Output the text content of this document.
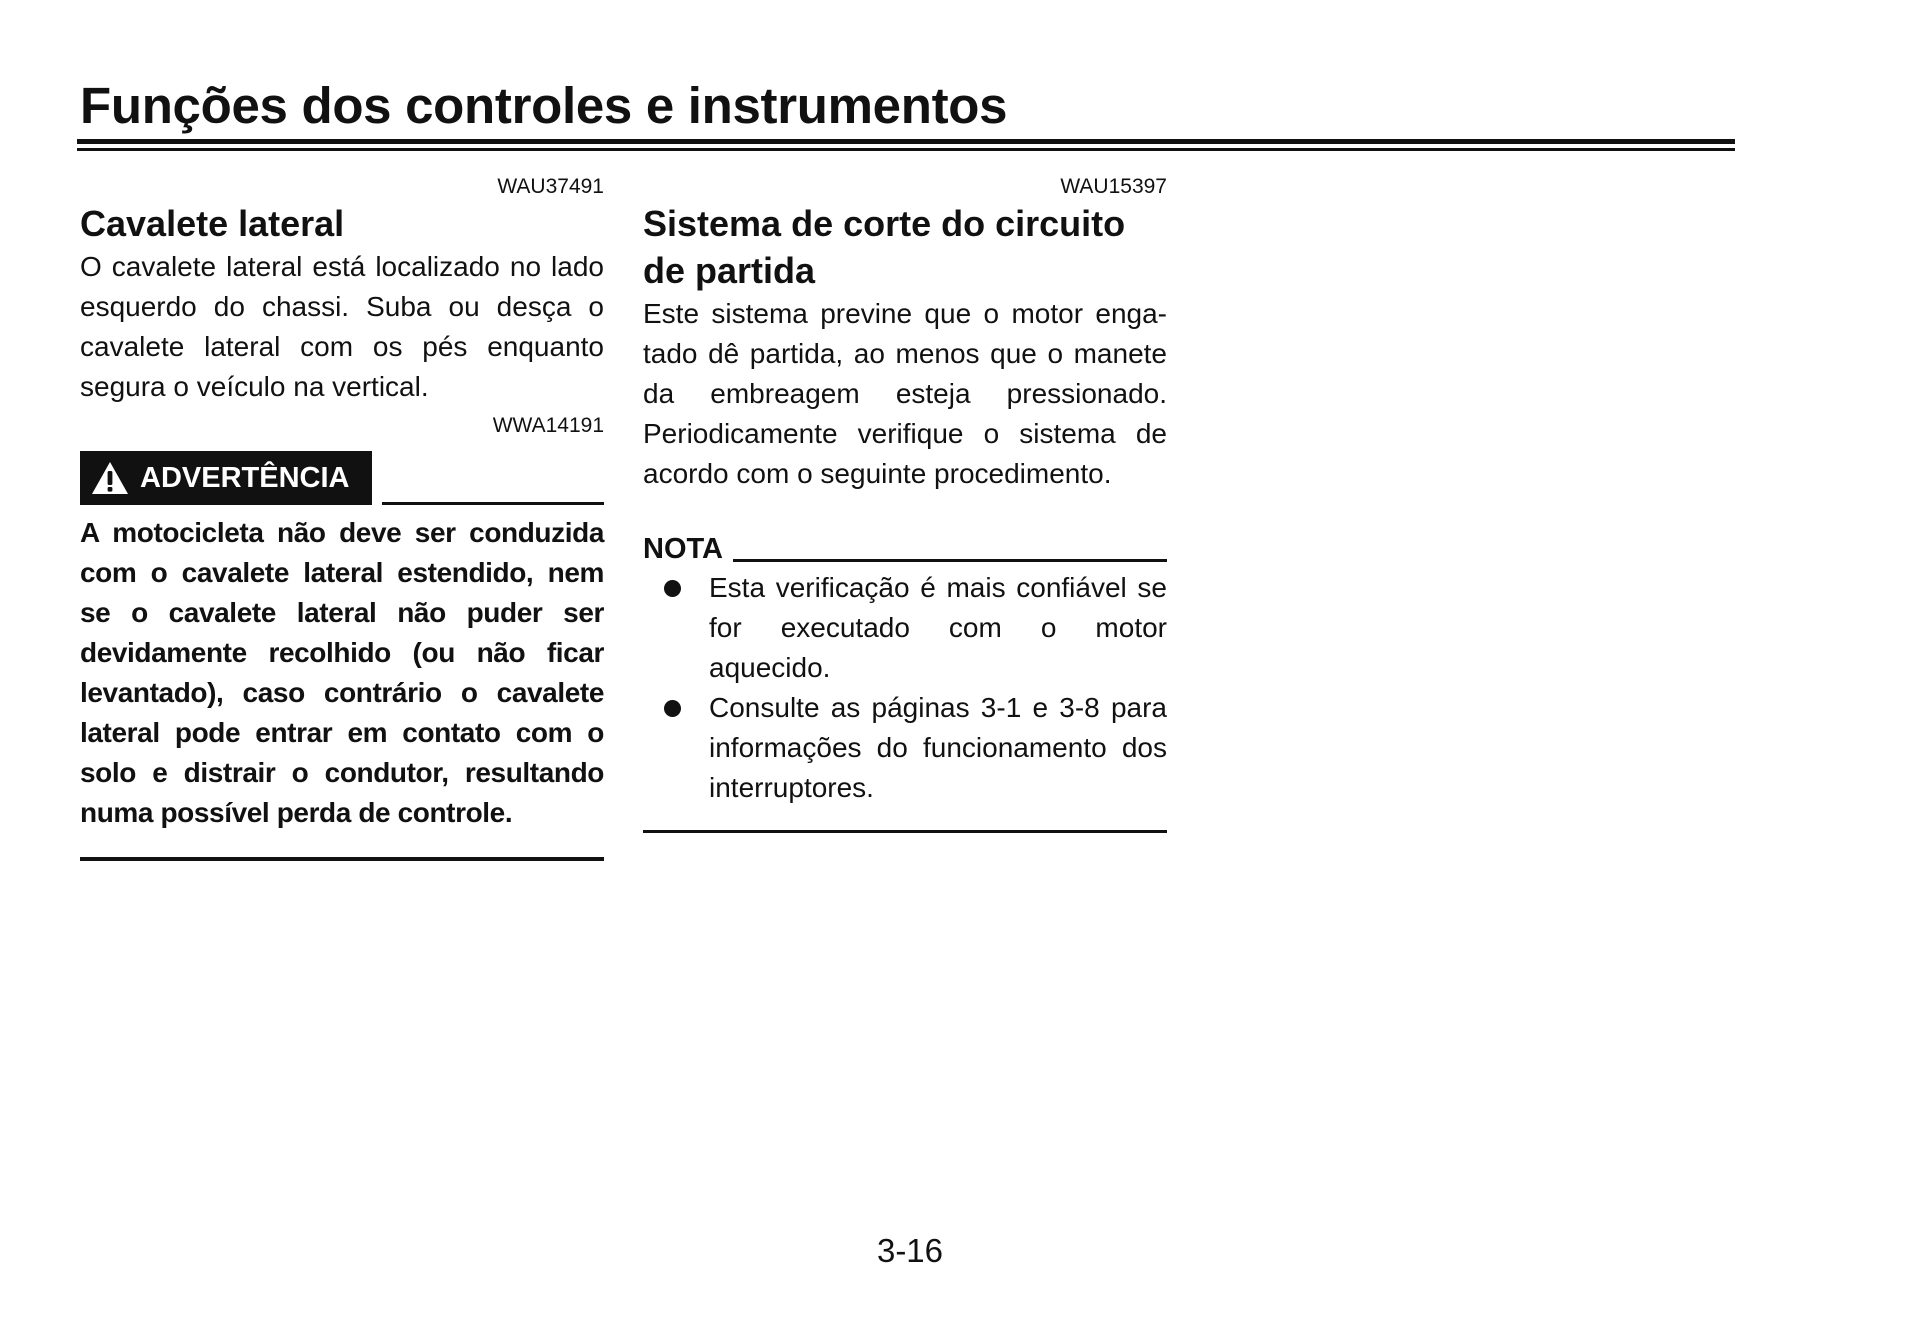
Funções dos controles e instrumentos
WAU37491
Cavalete lateral

O cavalete lateral está localizado no lado esquerdo do chassi. Suba ou desça o cavalete lateral com os pés enquanto segura o veículo na vertical.

WWA14191
ADVERTÊNCIA

A motocicleta não deve ser conduzida com o cavalete lateral estendido, nem se o cavalete lateral não puder ser devidamente recolhido (ou não ficar levantado), caso contrário o cavalete lateral pode entrar em contato com o solo e distrair o condutor, resultando numa possível perda de controle.

WAU15397
Sistema de corte do circuito de partida

Este sistema previne que o motor engatado dê partida, ao menos que o manete da embreagem esteja pressionado. Periodicamente verifique o sistema de acordo com o seguinte procedimento.

NOTA
Esta verificação é mais confiável se for executado com o motor aquecido.
Consulte as páginas 3-1 e 3-8 para informações do funcionamento dos interruptores.
3-16
